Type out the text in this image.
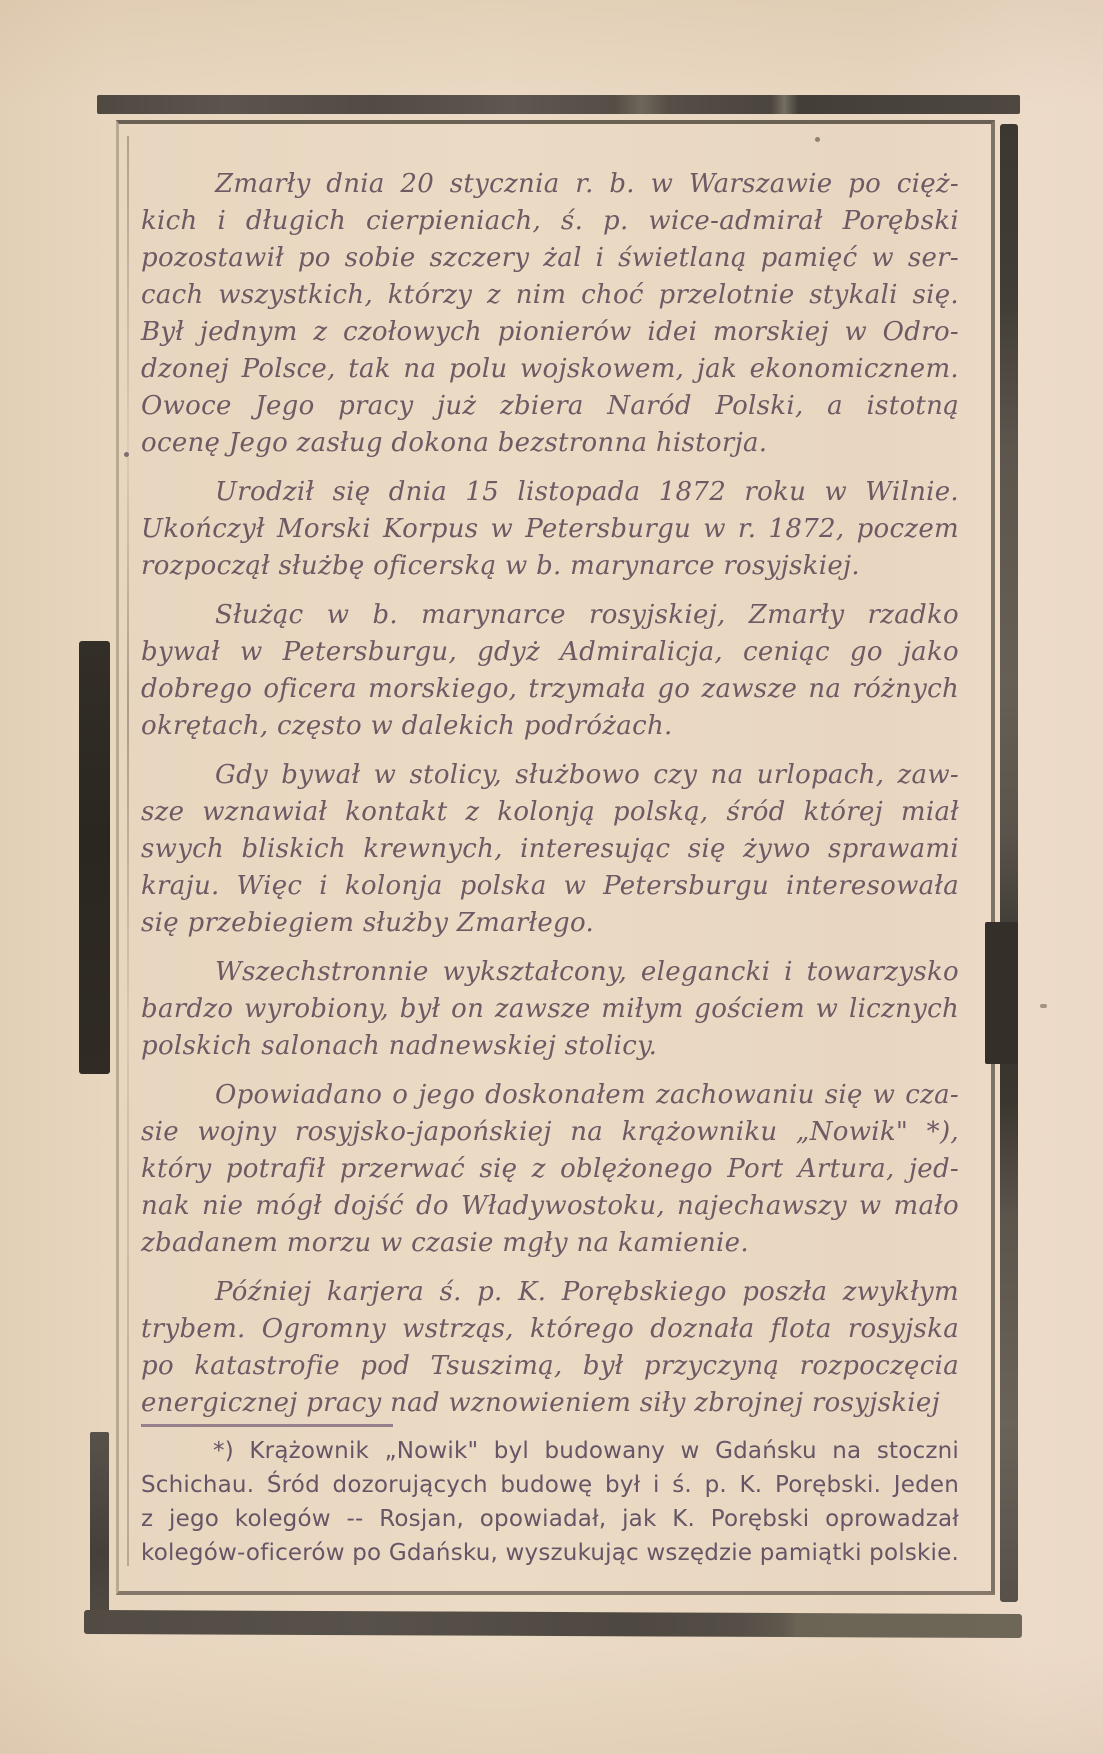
Zmarły dnia 20 stycznia r. b. w Warszawie po cięż-
kich i długich cierpieniach, ś. p. wice-admirał Porębski
pozostawił po sobie szczery żal i świetlaną pamięć w ser-
cach wszystkich, którzy z nim choć przelotnie stykali się.
Był jednym z czołowych pionierów idei morskiej w Odro-
dzonej Polsce, tak na polu wojskowem, jak ekonomicznem.
Owoce Jego pracy już zbiera Naród Polski, a istotną
ocenę Jego zasług dokona bezstronna historja.
Urodził się dnia 15 listopada 1872 roku w Wilnie.
Ukończył Morski Korpus w Petersburgu w r. 1872, poczem
rozpoczął służbę oficerską w b. marynarce rosyjskiej.
Służąc w b. marynarce rosyjskiej, Zmarły rzadko
bywał w Petersburgu, gdyż Admiralicja, ceniąc go jako
dobrego oficera morskiego, trzymała go zawsze na różnych
okrętach, często w dalekich podróżach.
Gdy bywał w stolicy, służbowo czy na urlopach, zaw-
sze wznawiał kontakt z kolonją polską, śród której miał
swych bliskich krewnych, interesując się żywo sprawami
kraju. Więc i kolonja polska w Petersburgu interesowała
się przebiegiem służby Zmarłego.
Wszechstronnie wykształcony, elegancki i towarzysko
bardzo wyrobiony, był on zawsze miłym gościem w licznych
polskich salonach nadnewskiej stolicy.
Opowiadano o jego doskonałem zachowaniu się w cza-
sie wojny rosyjsko-japońskiej na krążowniku „Nowik" *),
który potrafił przerwać się z oblężonego Port Artura, jed-
nak nie mógł dojść do Władywostoku, najechawszy w mało
zbadanem morzu w czasie mgły na kamienie.
Później karjera ś. p. K. Porębskiego poszła zwykłym
trybem. Ogromny wstrząs, którego doznała flota rosyjska
po katastrofie pod Tsuszimą, był przyczyną rozpoczęcia
energicznej pracy nad wznowieniem siły zbrojnej rosyjskiej
*) Krążownik „Nowik" byl budowany w Gdańsku na stoczni
Schichau. Śród dozorujących budowę był i ś. p. K. Porębski. Jeden
z jego kolegów -- Rosjan, opowiadał, jak K. Porębski oprowadzał
kolegów-oficerów po Gdańsku, wyszukując wszędzie pamiątki polskie.
